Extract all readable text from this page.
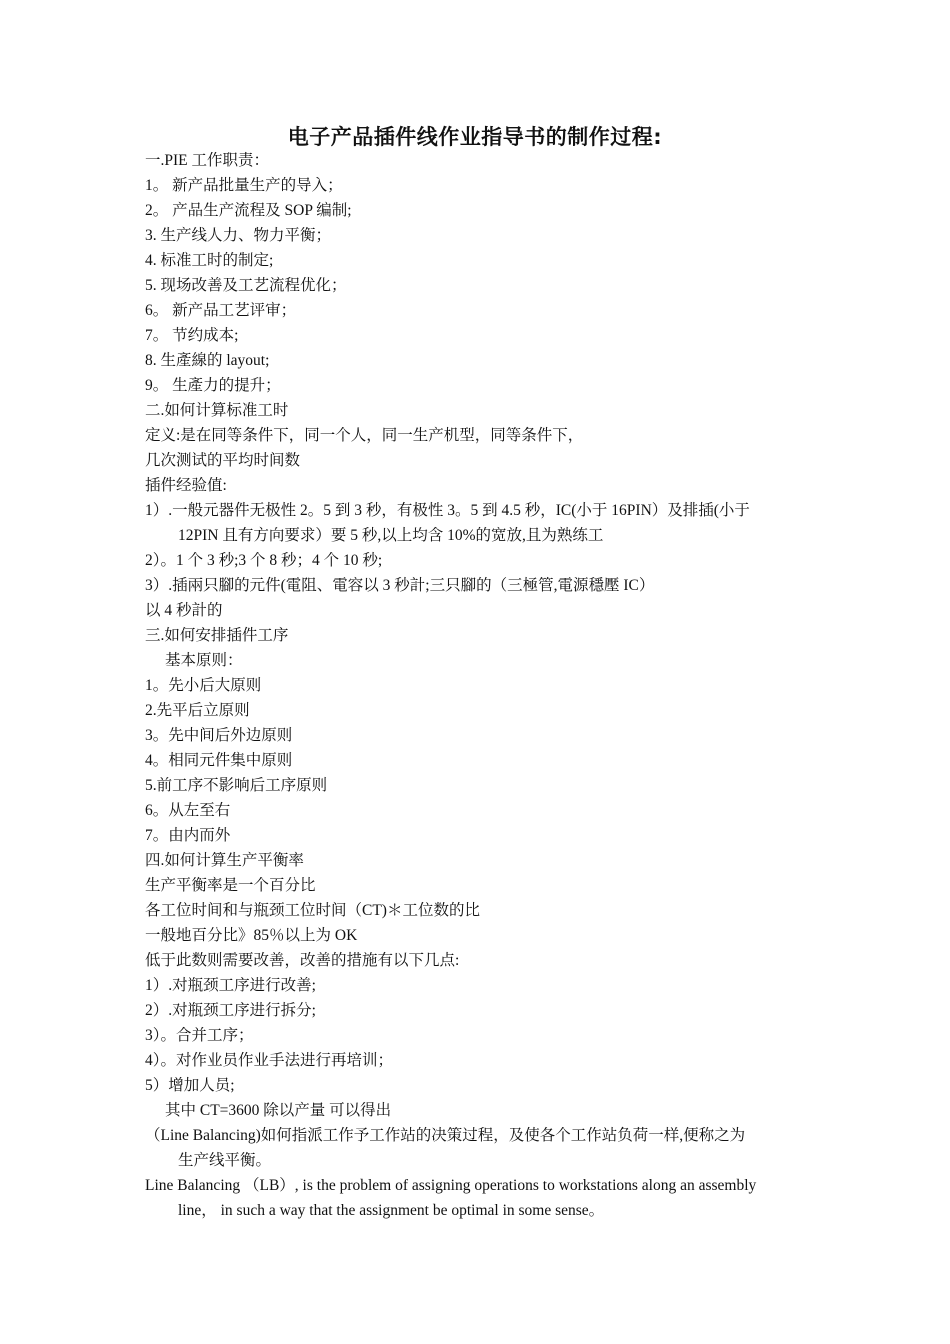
电子产品插件线作业指导书的制作过程:
一.PIE 工作职责：
1。 新产品批量生产的导入；
2。 产品生产流程及 SOP 编制;
3. 生产线人力、物力平衡；
4. 标准工时的制定;
5. 现场改善及工艺流程优化；
6。 新产品工艺评审；
7。 节约成本;
8. 生產線的 layout;
9。 生產力的提升；
二.如何计算标准工时
定义:是在同等条件下，同一个人，同一生产机型，同等条件下，
几次测试的平均时间数
插件经验值:
1）.一般元器件无极性 2。5 到 3 秒，有极性 3。5 到 4.5 秒，IC(小于 16PIN）及排插(小于
12PIN 且有方向要求）要 5 秒,以上均含 10%的宽放,且为熟练工
2）。1 个 3 秒;3 个 8 秒；4 个 10 秒;
3）.插兩只腳的元件(電阻、電容以 3 秒計;三只腳的（三極管,電源穩壓 IC）
以 4 秒計的
三.如何安排插件工序
基本原则：
1。先小后大原则
2.先平后立原则
3。先中间后外边原则
4。相同元件集中原则
5.前工序不影响后工序原则
6。从左至右
7。由内而外
四.如何计算生产平衡率
生产平衡率是一个百分比
各工位时间和与瓶颈工位时间（CT)＊工位数的比
一般地百分比》85％以上为 OK
低于此数则需要改善，改善的措施有以下几点:
1）.对瓶颈工序进行改善;
2）.对瓶颈工序进行拆分;
3）。合并工序；
4）。对作业员作业手法进行再培训；
5）增加人员;
其中 CT=3600 除以产量 可以得出
（Line Balancing)如何指派工作予工作站的决策过程，及使各个工作站负荷一样,便称之为
生产线平衡。
Line Balancing （LB）, is the problem of assigning operations to workstations along an assembly
line， in such a way that the assignment be optimal in some sense。
